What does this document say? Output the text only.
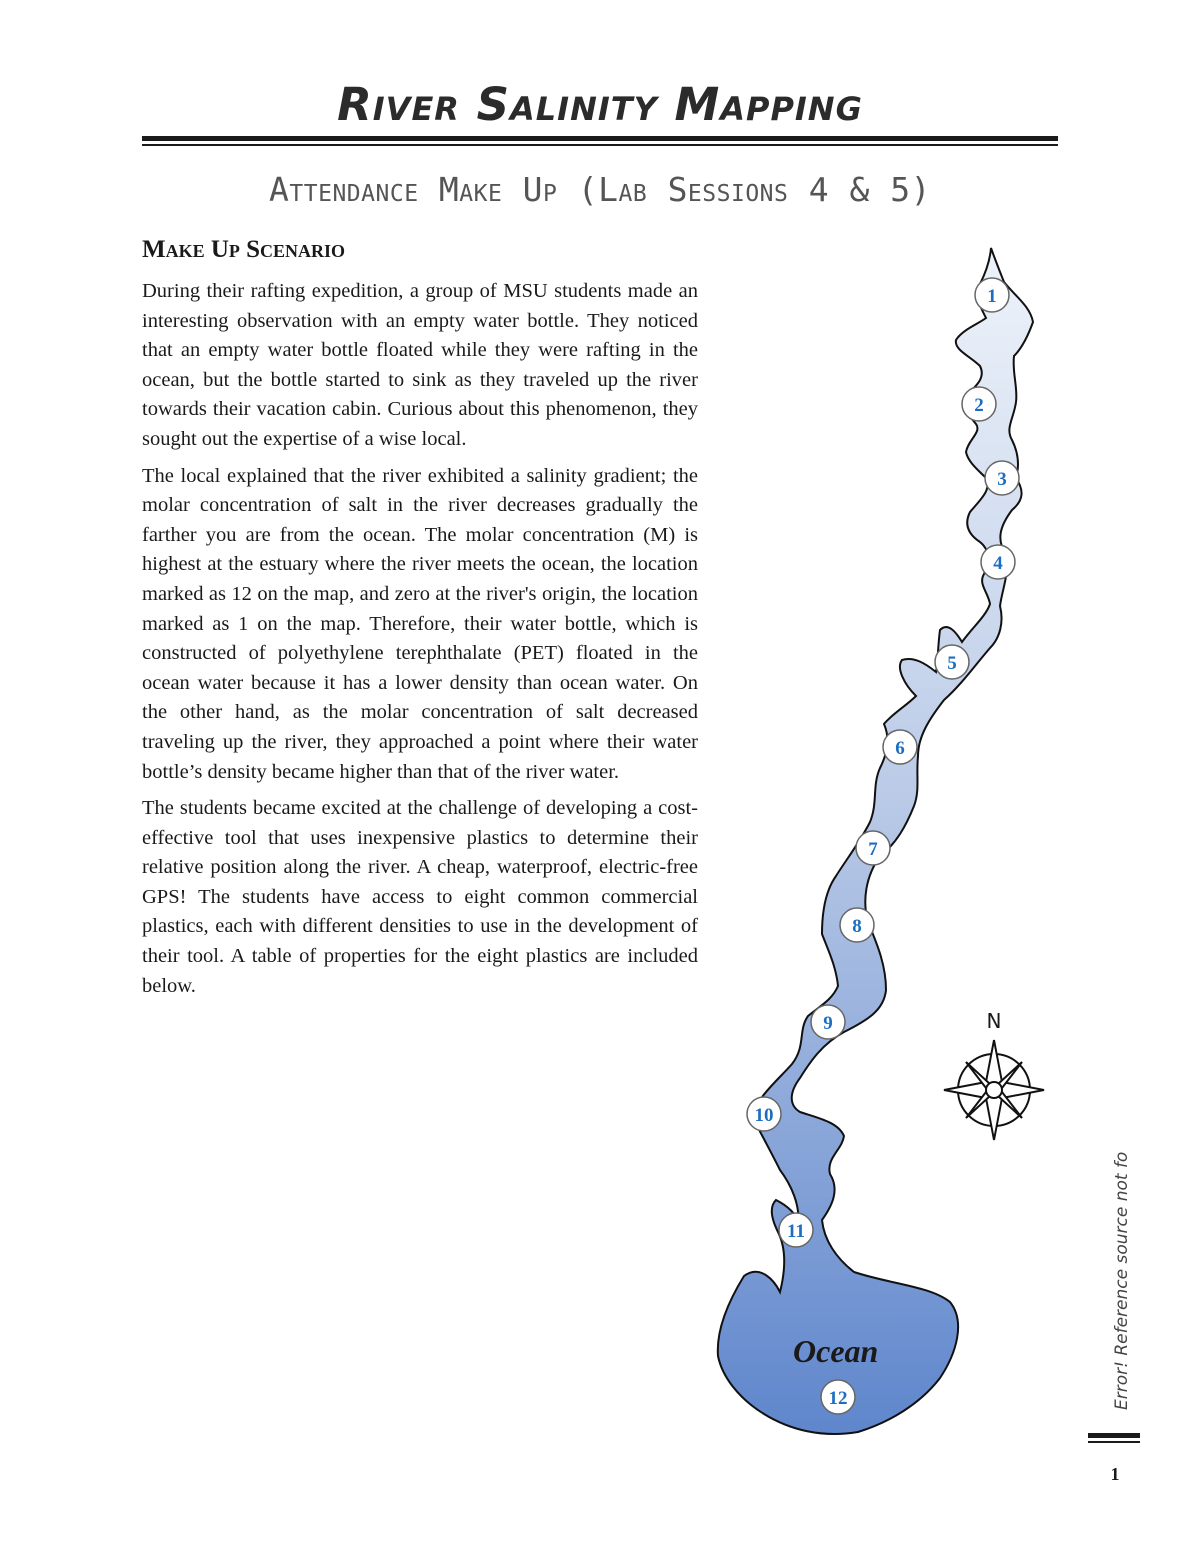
River Salinity Mapping
Attendance Make Up (Lab Sessions 4 & 5)
Make Up Scenario

During their rafting expedition, a group of MSU students made an interesting observation with an empty water bottle. They noticed that an empty water bottle floated while they were rafting in the ocean, but the bottle started to sink as they traveled up the river towards their vacation cabin. Curious about this phenomenon, they sought out the expertise of a wise local.

The local explained that the river exhibited a salinity gradient; the molar concentration of salt in the river decreases gradually the farther you are from the ocean. The molar concentration (M) is highest at the estuary where the river meets the ocean, the location marked as 12 on the map, and zero at the river's origin, the location marked as 1 on the map. Therefore, their water bottle, which is constructed of polyethylene terephthalate (PET) floated in the ocean water because it has a lower density than ocean water. On the other hand, as the molar concentration of salt decreased traveling up the river, they approached a point where their water bottle’s density became higher than that of the river water.

The students became excited at the challenge of developing a cost-effective tool that uses inexpensive plastics to determine their relative position along the river. A cheap, waterproof, electric-free GPS! The students have access to eight common commercial plastics, each with different densities to use in the development of their tool. A table of properties for the eight plastics are included below.

N
Ocean
1
2
3
4
5
6
7
8
9
10
11
12	Error! Reference source not fo
1
